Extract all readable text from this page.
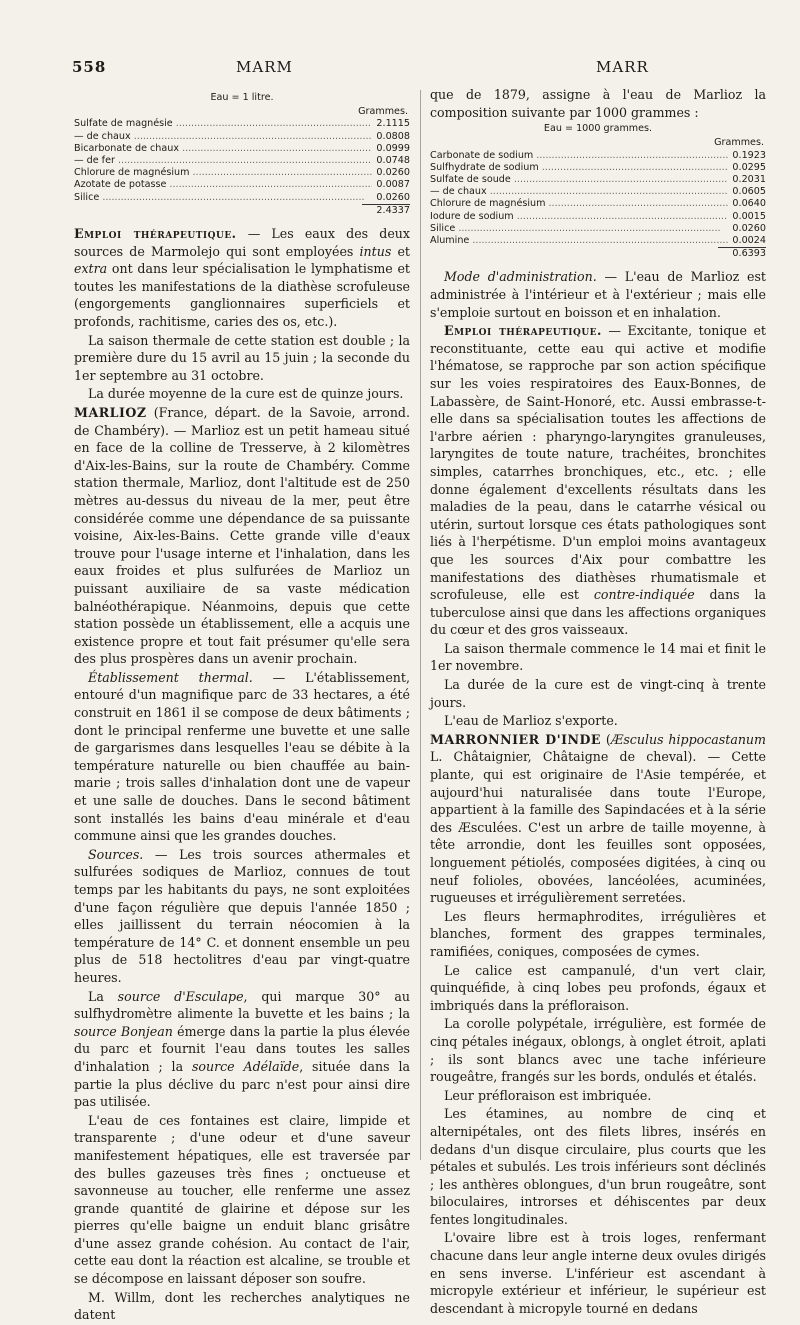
558	MARM	MARR
Eau = 1 litre.
Grammes.
Sulfate de magnésie .....	2.1115
— de chaux .....	0.0808
Bicarbonate de chaux .....	0.0999
— de fer .....	0.0748
Chlorure de magnésium .....	0.0260
Azotate de potasse .....	0.0087
Silice .....	0.0260
2.4337

Emploi thérapeutique. — Les eaux des deux sources de Marmolejo qui sont employées intus et extra ont dans leur spécialisation le lymphatisme et toutes les manifestations de la diathèse scrofuleuse (engorgements ganglionnaires superficiels et profonds, rachitisme, caries des os, etc.).

La saison thermale de cette station est double ; la première dure du 15 avril au 15 juin ; la seconde du 1er septembre au 31 octobre.

La durée moyenne de la cure est de quinze jours.

MARLIOZ (France, départ. de la Savoie, arrond. de Chambéry). — Marlioz est un petit hameau situé en face de la colline de Tresserve, à 2 kilomètres d'Aix-les-Bains, sur la route de Chambéry. Comme station thermale, Marlioz, dont l'altitude est de 250 mètres au-dessus du niveau de la mer, peut être considérée comme une dépendance de sa puissante voisine, Aix-les-Bains. Cette grande ville d'eaux trouve pour l'usage interne et l'inhalation, dans les eaux froides et plus sulfurées de Marlioz un puissant auxiliaire de sa vaste médication balnéothérapique. Néanmoins, depuis que cette station possède un établissement, elle a acquis une existence propre et tout fait présumer qu'elle sera des plus prospères dans un avenir prochain.

Établissement thermal. — L'établissement, entouré d'un magnifique parc de 33 hectares, a été construit en 1861 il se compose de deux bâtiments ; dont le principal renferme une buvette et une salle de gargarismes dans lesquelles l'eau se débite à la température naturelle ou bien chauffée au bain-marie ; trois salles d'inhalation dont une de vapeur et une salle de douches. Dans le second bâtiment sont installés les bains d'eau minérale et d'eau commune ainsi que les grandes douches.

Sources. — Les trois sources athermales et sulfurées sodiques de Marlioz, connues de tout temps par les habitants du pays, ne sont exploitées d'une façon régulière que depuis l'année 1850 ; elles jaillissent du terrain néocomien à la température de 14° C. et donnent ensemble un peu plus de 518 hectolitres d'eau par vingt-quatre heures.

La source d'Esculape, qui marque 30° au sulfhydromètre alimente la buvette et les bains ; la source Bonjean émerge dans la partie la plus élevée du parc et fournit l'eau dans toutes les salles d'inhalation ; la source Adélaïde, située dans la partie la plus déclive du parc n'est pour ainsi dire pas utilisée.

L'eau de ces fontaines est claire, limpide et transparente ; d'une odeur et d'une saveur manifestement hépatiques, elle est traversée par des bulles gazeuses très fines ; onctueuse et savonneuse au toucher, elle renferme une assez grande quantité de glairine et dépose sur les pierres qu'elle baigne un enduit blanc grisâtre d'une assez grande cohésion. Au contact de l'air, cette eau dont la réaction est alcaline, se trouble et se décompose en laissant déposer son soufre.

M. Willm, dont les recherches analytiques ne datent

que de 1879, assigne à l'eau de Marlioz la composition suivante par 1000 grammes :

Eau = 1000 grammes.
Grammes.
Carbonate de sodium .....	0.1923
Sulfhydrate de sodium .....	0.0295
Sulfate de soude .....	0.2031
— de chaux .....	0.0605
Chlorure de magnésium .....	0.0640
Iodure de sodium .....	0.0015
Silice .....	0.0260
Alumine .....	0.0024
0.6393

Mode d'administration. — L'eau de Marlioz est administrée à l'intérieur et à l'extérieur ; mais elle s'emploie surtout en boisson et en inhalation.

Emploi thérapeutique. — Excitante, tonique et reconstituante, cette eau qui active et modifie l'hématose, se rapproche par son action spécifique sur les voies respiratoires des Eaux-Bonnes, de Labassère, de Saint-Honoré, etc. Aussi embrasse-t-elle dans sa spécialisation toutes les affections de l'arbre aérien : pharyngo-laryngites granuleuses, laryngites de toute nature, trachéites, bronchites simples, catarrhes bronchiques, etc., etc. ; elle donne également d'excellents résultats dans les maladies de la peau, dans le catarrhe vésical ou utérin, surtout lorsque ces états pathologiques sont liés à l'herpétisme. D'un emploi moins avantageux que les sources d'Aix pour combattre les manifestations des diathèses rhumatismale et scrofuleuse, elle est contre-indiquée dans la tuberculose ainsi que dans les affections organiques du cœur et des gros vaisseaux.

La saison thermale commence le 14 mai et finit le 1er novembre.

La durée de la cure est de vingt-cinq à trente jours.

L'eau de Marlioz s'exporte.

MARRONNIER D'INDE (Æsculus hippocastanum L. Châtaignier, Châtaigne de cheval). — Cette plante, qui est originaire de l'Asie tempérée, et aujourd'hui naturalisée dans toute l'Europe, appartient à la famille des Sapindacées et à la série des Æsculées. C'est un arbre de taille moyenne, à tête arrondie, dont les feuilles sont opposées, longuement pétiolés, composées digitées, à cinq ou neuf folioles, obovées, lancéolées, acuminées, rugueuses et irrégulièrement serretées.

Les fleurs hermaphrodites, irrégulières et blanches, forment des grappes terminales, ramifiées, coniques, composées de cymes.

Le calice est campanulé, d'un vert clair, quinquéfide, à cinq lobes peu profonds, égaux et imbriqués dans la préfloraison.

La corolle polypétale, irrégulière, est formée de cinq pétales inégaux, oblongs, à onglet étroit, aplati ; ils sont blancs avec une tache inférieure rougeâtre, frangés sur les bords, ondulés et étalés.

Leur préfloraison est imbriquée.

Les étamines, au nombre de cinq et alternipétales, ont des filets libres, insérés en dedans d'un disque circulaire, plus courts que les pétales et subulés. Les trois inférieurs sont déclinés ; les anthères oblongues, d'un brun rougeâtre, sont biloculaires, introrses et déhiscentes par deux fentes longitudinales.

L'ovaire libre est à trois loges, renfermant chacune dans leur angle interne deux ovules dirigés en sens inverse. L'inférieur est ascendant à micropyle extérieur et inférieur, le supérieur est descendant à micropyle tourné en dedans
